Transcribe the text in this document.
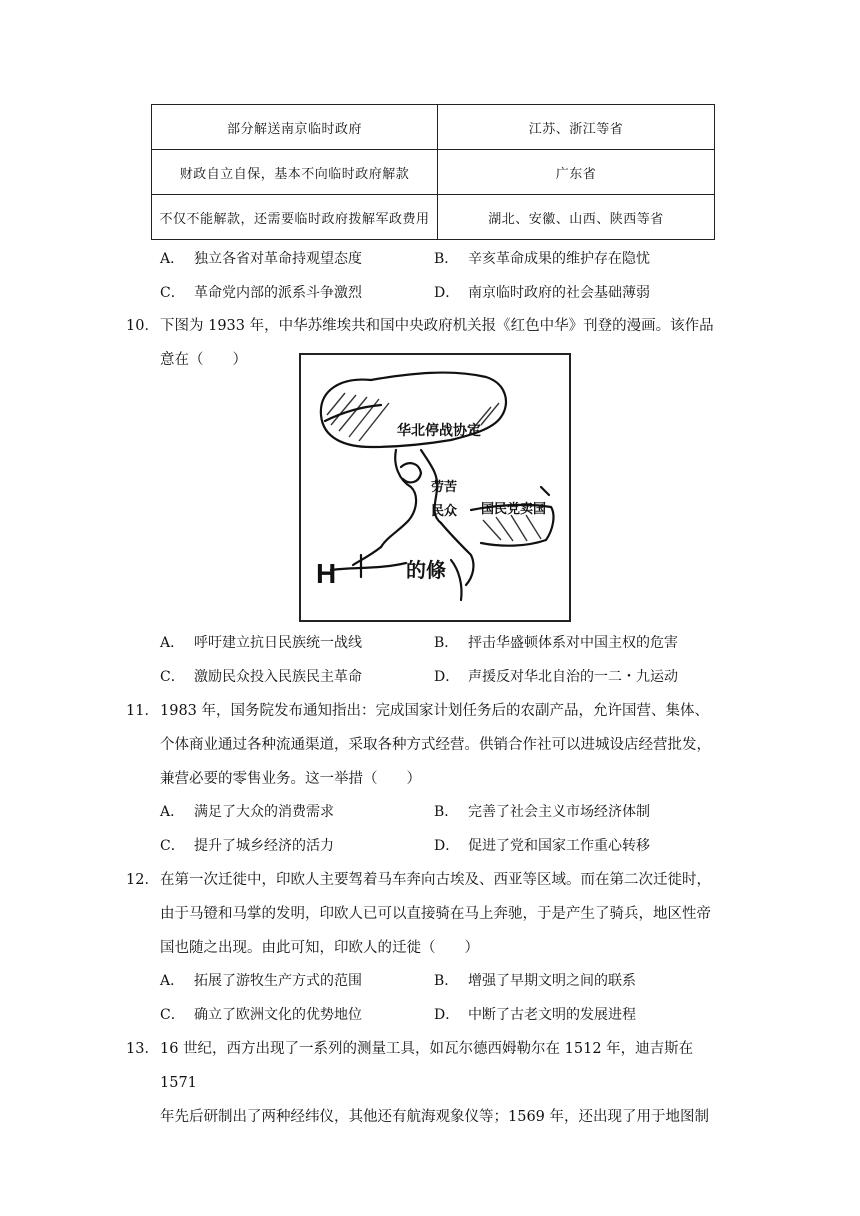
部分解送南京临时政府	江苏、浙江等省
财政自立自保，基本不向临时政府解款	广东省
不仅不能解款，还需要临时政府拨解军政费用	湖北、安徽、山西、陕西等省
A． 独立各省对革命持观望态度	B． 辛亥革命成果的维护存在隐忧
C． 革命党内部的派系斗争激烈	D． 南京临时政府的社会基础薄弱
10． 下图为 1933 年，中华苏维埃共和国中央政府机关报《红色中华》刊登的漫画。该作品
意在（　　）
华北停战协定
劳苦
民众 国民党卖国
的條
H
A． 呼吁建立抗日民族统一战线	B． 抨击华盛顿体系对中国主权的危害
C． 激励民众投入民族民主革命	D． 声援反对华北自治的一二・九运动
11． 1983 年，国务院发布通知指出：完成国家计划任务后的农副产品，允许国营、集体、
个体商业通过各种流通渠道，采取各种方式经营。供销合作社可以进城设店经营批发，
兼营必要的零售业务。这一举措（　　）
A． 满足了大众的消费需求	B． 完善了社会主义市场经济体制
C． 提升了城乡经济的活力	D． 促进了党和国家工作重心转移
12． 在第一次迁徙中，印欧人主要驾着马车奔向古埃及、西亚等区域。而在第二次迁徙时，
由于马镫和马掌的发明，印欧人已可以直接骑在马上奔驰，于是产生了骑兵，地区性帝
国也随之出现。由此可知，印欧人的迁徙（　　）
A． 拓展了游牧生产方式的范围	B． 增强了早期文明之间的联系
C． 确立了欧洲文化的优势地位	D． 中断了古老文明的发展进程
13． 16 世纪，西方出现了一系列的测量工具，如瓦尔德西姆勒尔在 1512 年，迪吉斯在 1571
年先后研制出了两种经纬仪，其他还有航海观象仪等；1569 年，还出现了用于地图制
